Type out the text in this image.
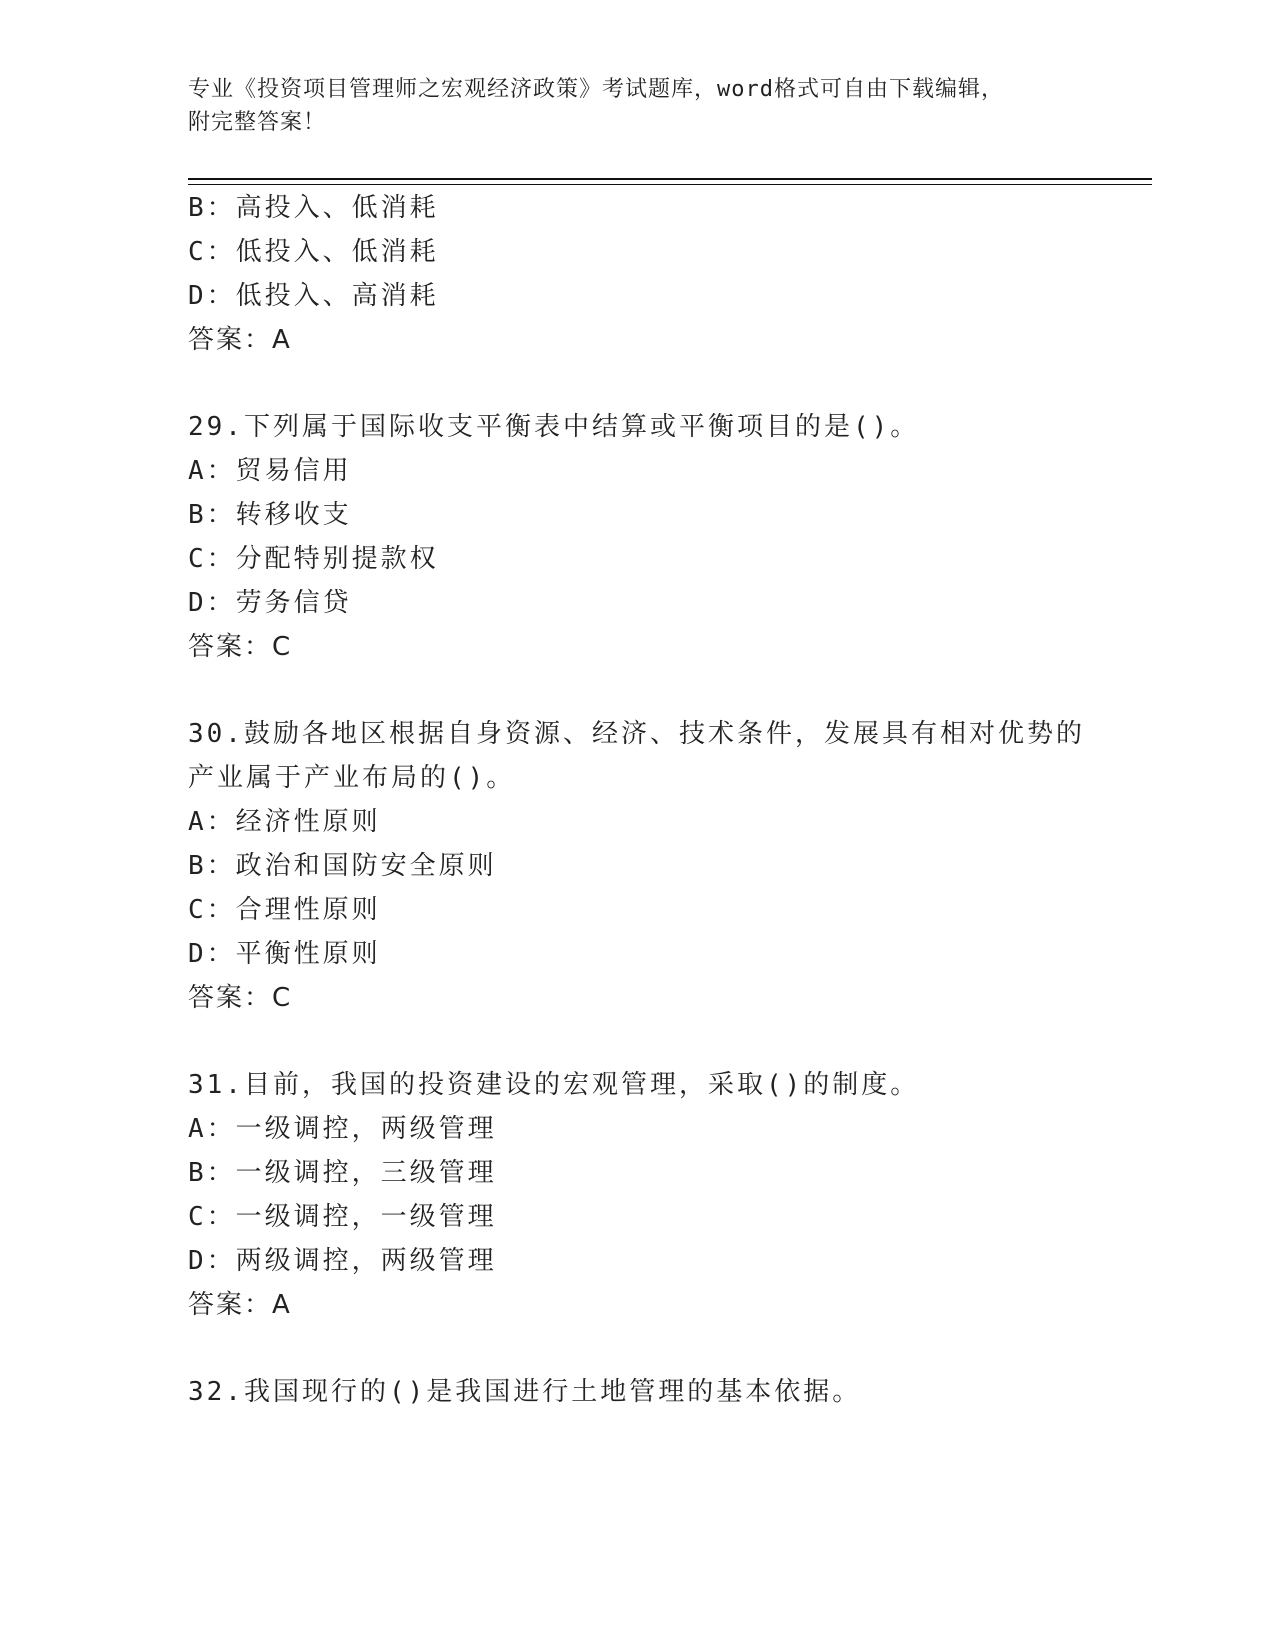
专业《投资项目管理师之宏观经济政策》考试题库，word格式可自由下载编辑，
附完整答案！
B：高投入、低消耗
C：低投入、低消耗
D：低投入、高消耗
答案：A
29.下列属于国际收支平衡表中结算或平衡项目的是()。
A：贸易信用
B：转移收支
C：分配特别提款权
D：劳务信贷
答案：C
30.鼓励各地区根据自身资源、经济、技术条件，发展具有相对优势的
产业属于产业布局的()。
A：经济性原则
B：政治和国防安全原则
C：合理性原则
D：平衡性原则
答案：C
31.目前，我国的投资建设的宏观管理，采取()的制度。
A：一级调控，两级管理
B：一级调控，三级管理
C：一级调控，一级管理
D：两级调控，两级管理
答案：A
32.我国现行的()是我国进行土地管理的基本依据。
